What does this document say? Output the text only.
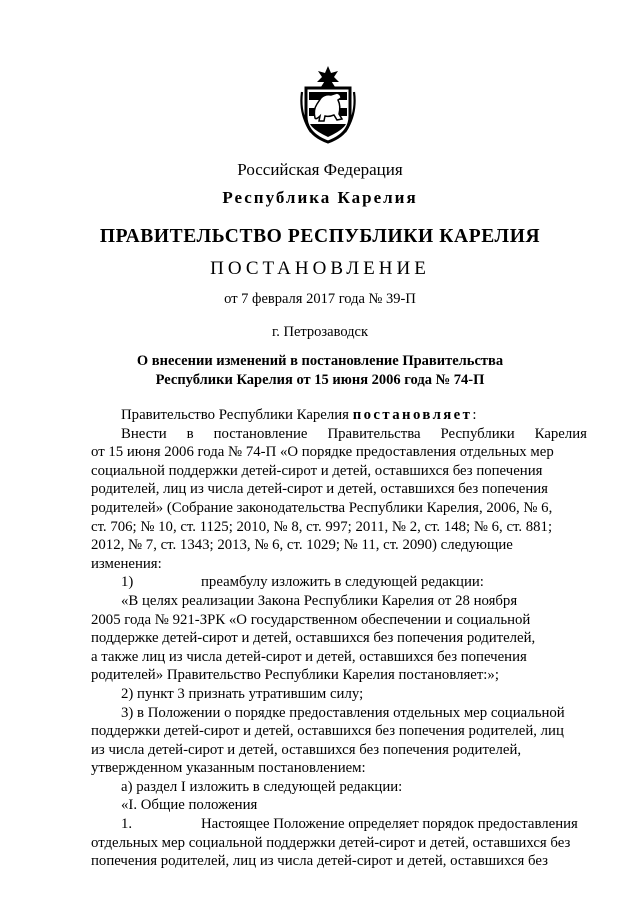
Российская Федерация
Республика Карелия
ПРАВИТЕЛЬСТВО РЕСПУБЛИКИ КАРЕЛИЯ
ПОСТАНОВЛЕНИЕ
от 7 февраля 2017 года № 39-П
г. Петрозаводск
О внесении изменений в постановление Правительства
Республики Карелия от 15 июня 2006 года № 74-П
Правительство Республики Карелия постановляет:
Внести в постановление Правительства Республики Карелия
от 15 июня 2006 года № 74-П «О порядке предоставления отдельных мер
социальной поддержки детей-сирот и детей, оставшихся без попечения
родителей, лиц из числа детей-сирот и детей, оставшихся без попечения
родителей» (Собрание законодательства Республики Карелия, 2006, № 6,
ст. 706; № 10, ст. 1125; 2010, № 8, ст. 997; 2011, № 2, ст. 148; № 6, ст. 881;
2012, № 7, ст. 1343; 2013, № 6, ст. 1029; № 11, ст. 2090) следующие
изменения:
1)	преамбулу изложить в следующей редакции:
«В целях реализации Закона Республики Карелия от 28 ноября
2005 года № 921-ЗРК «О государственном обеспечении и социальной
поддержке детей-сирот и детей, оставшихся без попечения родителей,
а также лиц из числа детей-сирот и детей, оставшихся без попечения
родителей» Правительство Республики Карелия постановляет:»;
2) пункт 3 признать утратившим силу;
3) в Положении о порядке предоставления отдельных мер социальной
поддержки детей-сирот и детей, оставшихся без попечения родителей, лиц
из числа детей-сирот и детей, оставшихся без попечения родителей,
утвержденном указанным постановлением:
а) раздел I изложить в следующей редакции:
«I. Общие положения
1.	Настоящее Положение определяет порядок предоставления
отдельных мер социальной поддержки детей-сирот и детей, оставшихся без
попечения родителей, лиц из числа детей-сирот и детей, оставшихся без
